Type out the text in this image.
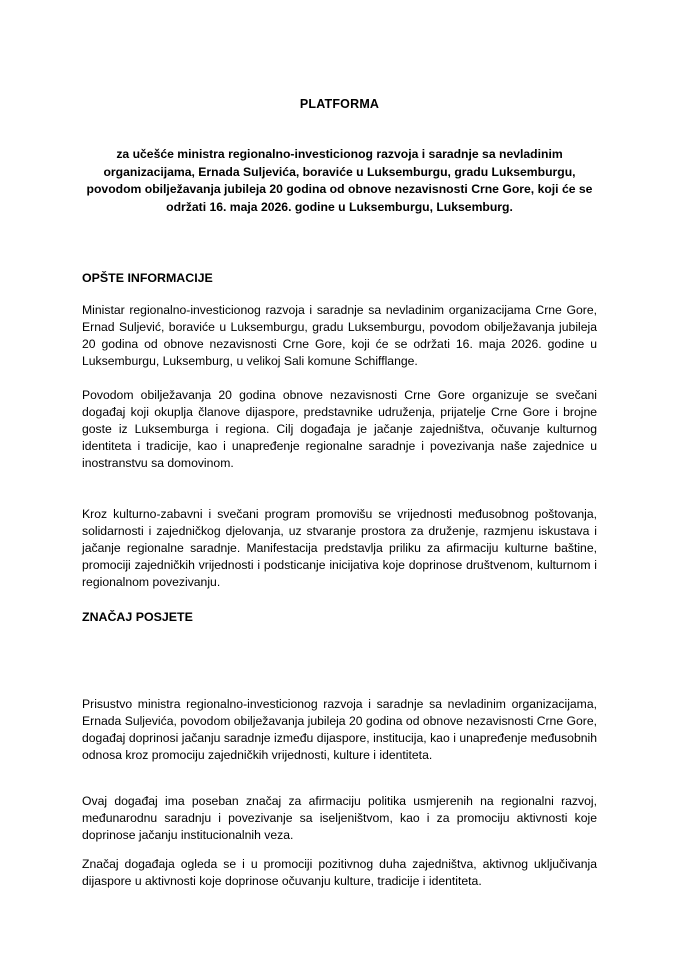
PLATFORMA

za učešće ministra regionalno-investicionog razvoja i saradnje sa nevladinim organizacijama, Ernada Suljevića, boraviće u Luksemburgu, gradu Luksemburgu, povodom obilježavanja jubileja 20 godina od obnove nezavisnosti Crne Gore, koji će se održati 16. maja 2026. godine u Luksemburgu, Luksemburg.

OPŠTE INFORMACIJE

Ministar regionalno-investicionog razvoja i saradnje sa nevladinim organizacijama Crne Gore, Ernad Suljević, boraviće u Luksemburgu, gradu Luksemburgu, povodom obilježavanja jubileja 20 godina od obnove nezavisnosti Crne Gore, koji će se održati 16. maja 2026. godine u Luksemburgu, Luksemburg, u velikoj Sali komune Schifflange.

Povodom obilježavanja 20 godina obnove nezavisnosti Crne Gore organizuje se svečani događaj koji okuplja članove dijaspore, predstavnike udruženja, prijatelje Crne Gore i brojne goste iz Luksemburga i regiona. Cilj događaja je jačanje zajedništva, očuvanje kulturnog identiteta i tradicije, kao i unapređenje regionalne saradnje i povezivanja naše zajednice u inostranstvu sa domovinom.

Kroz kulturno-zabavni i svečani program promovišu se vrijednosti međusobnog poštovanja, solidarnosti i zajedničkog djelovanja, uz stvaranje prostora za druženje, razmjenu iskustava i jačanje regionalne saradnje. Manifestacija predstavlja priliku za afirmaciju kulturne baštine, promociji zajedničkih vrijednosti i podsticanje inicijativa koje doprinose društvenom, kulturnom i regionalnom povezivanju.

ZNAČAJ POSJETE

Prisustvo ministra regionalno-investicionog razvoja i saradnje sa nevladinim organizacijama, Ernada Suljevića, povodom obilježavanja jubileja 20 godina od obnove nezavisnosti Crne Gore, događaj doprinosi jačanju saradnje između dijaspore, institucija, kao i unapređenje međusobnih odnosa kroz promociju zajedničkih vrijednosti, kulture i identiteta.

Ovaj događaj ima poseban značaj za afirmaciju politika usmjerenih na regionalni razvoj, međunarodnu saradnju i povezivanje sa iseljeništvom, kao i za promociju aktivnosti koje doprinose jačanju institucionalnih veza.

Značaj događaja ogleda se i u promociji pozitivnog duha zajedništva, aktivnog uključivanja dijaspore u aktivnosti koje doprinose očuvanju kulture, tradicije i identiteta.
